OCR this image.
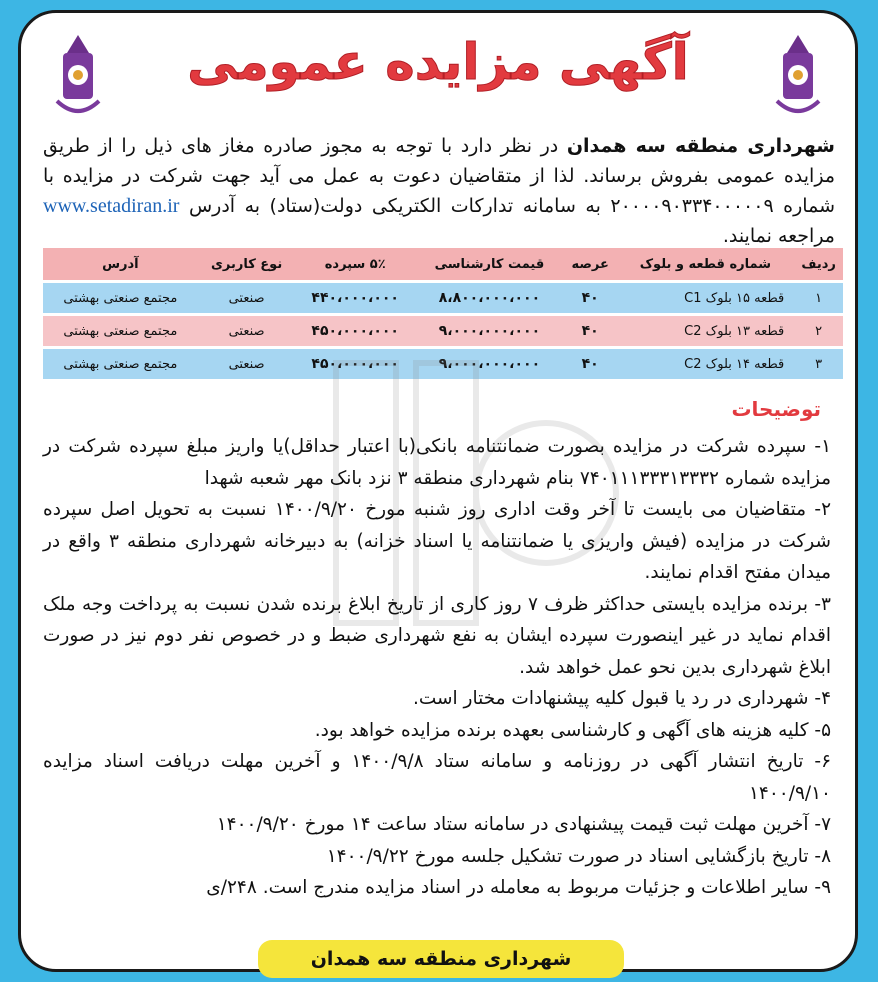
آگهی مزایده عمومی
شهرداری منطقه سه همدان در نظر دارد با توجه به مجوز صادره مغاز های ذیل را از طریق مزایده عمومی بفروش برساند. لذا از متقاضیان دعوت به عمل می آید جهت شرکت در مزایده با شماره ۲۰۰۰۰۹۰۳۳۴۰۰۰۰۰۹ به سامانه تدارکات الکتریکی دولت(ستاد) به آدرس www.setadiran.ir مراجعه نمایند.
ردیف	شماره قطعه و بلوک	عرصه	قیمت کارشناسی	۵٪ سپرده	نوع کاربری	آدرس
۱	قطعه ۱۵ بلوک C1	۴۰	۸،۸۰۰،۰۰۰،۰۰۰	۴۴۰،۰۰۰،۰۰۰	صنعتی	مجتمع صنعتی بهشتی
۲	قطعه ۱۳ بلوک C2	۴۰	۹،۰۰۰،۰۰۰،۰۰۰	۴۵۰،۰۰۰،۰۰۰	صنعتی	مجتمع صنعتی بهشتی
۳	قطعه ۱۴ بلوک C2	۴۰	۹،۰۰۰،۰۰۰،۰۰۰	۴۵۰،۰۰۰،۰۰۰	صنعتی	مجتمع صنعتی بهشتی
توضیحات

۱- سپرده شرکت در مزایده بصورت ضمانتنامه بانکی(با اعتبار حداقل)یا واریز مبلغ سپرده شرکت در مزایده شماره ۷۴۰۱۱۱۳۳۳۱۳۳۳۲ بنام شهرداری منطقه ۳ نزد بانک مهر شعبه شهدا

۲- متقاضیان می بایست تا آخر وقت اداری روز شنبه مورخ ۱۴۰۰/۹/۲۰ نسبت به تحویل اصل سپرده شرکت در مزایده (فیش واریزی یا ضمانتنامه یا اسناد خزانه) به دبیرخانه شهرداری منطقه ۳ واقع در میدان مفتح اقدام نمایند.

۳- برنده مزایده بایستی حداکثر ظرف ۷ روز کاری از تاریخ ابلاغ برنده شدن نسبت به پرداخت وجه ملک اقدام نماید در غیر اینصورت سپرده ایشان به نفع شهرداری ضبط و در خصوص نفر دوم نیز در صورت ابلاغ شهرداری بدین نحو عمل خواهد شد.

۴- شهرداری در رد یا قبول کلیه پیشنهادات مختار است.

۵- کلیه هزینه های آگهی و کارشناسی بعهده برنده مزایده خواهد بود.

۶- تاریخ انتشار آگهی در روزنامه و سامانه ستاد ۱۴۰۰/۹/۸ و آخرین مهلت دریافت اسناد مزایده ۱۴۰۰/۹/۱۰

۷- آخرین مهلت ثبت قیمت پیشنهادی در سامانه ستاد ساعت ۱۴ مورخ ۱۴۰۰/۹/۲۰

۸- تاریخ بازگشایی اسناد در صورت تشکیل جلسه مورخ ۱۴۰۰/۹/۲۲

۹- سایر اطلاعات و جزئیات مربوط به معامله در اسناد مزایده مندرج است. ۲۴۸/ی

شهرداری منطقه سه همدان
